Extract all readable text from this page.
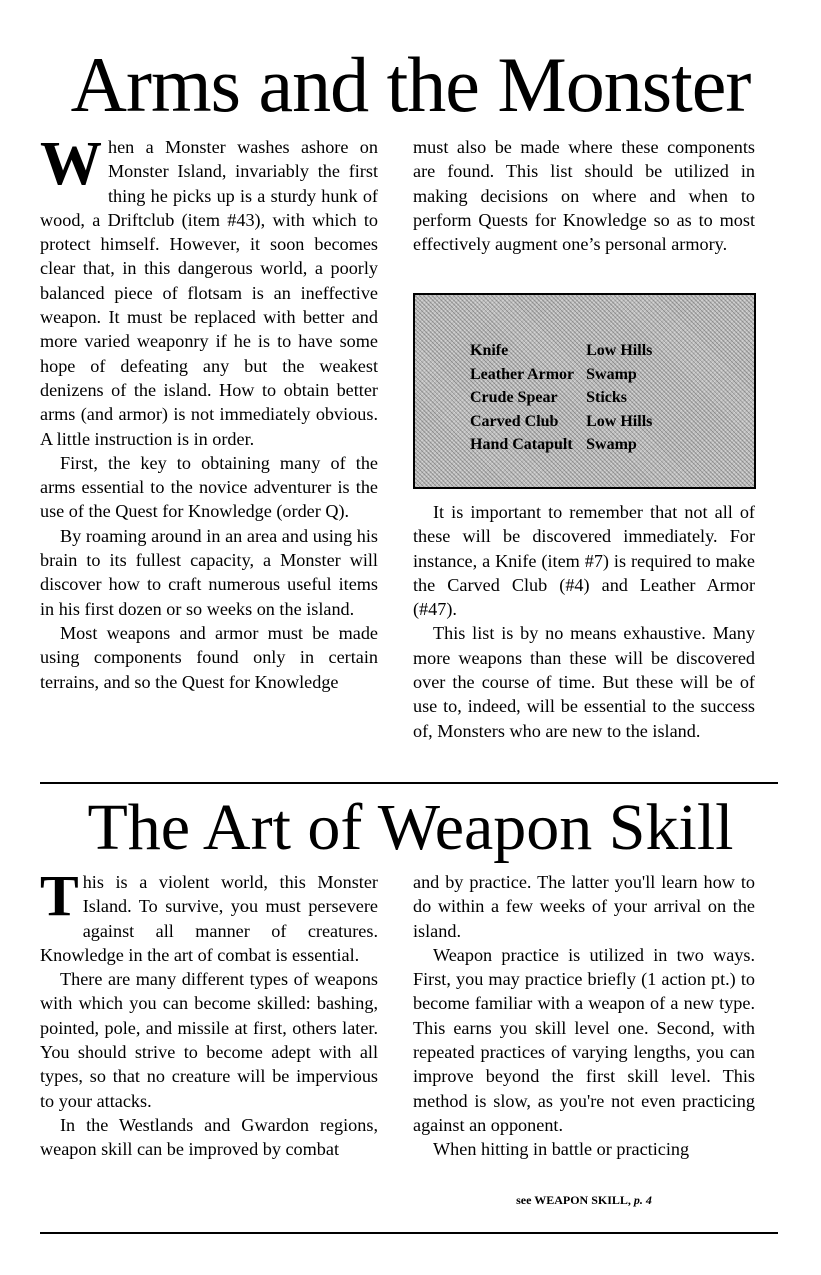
Arms and the Monster

When a Monster washes ashore on Monster Island, invariably the first thing he picks up is a sturdy hunk of wood, a Driftclub (item #43), with which to protect himself. However, it soon becomes clear that, in this dangerous world, a poorly balanced piece of flotsam is an ineffective weapon. It must be replaced with better and more varied weaponry if he is to have some hope of defeating any but the weakest denizens of the island. How to obtain better arms (and armor) is not immediately obvious. A little instruction is in order.

First, the key to obtaining many of the arms essential to the novice adventurer is the use of the Quest for Knowledge (order Q).

By roaming around in an area and using his brain to its fullest capacity, a Monster will discover how to craft numerous useful items in his first dozen or so weeks on the island.

Most weapons and armor must be made using components found only in certain terrains, and so the Quest for Knowledge

must also be made where these components are found. This list should be utilized in making decisions on where and when to perform Quests for Knowledge so as to most effectively augment one’s personal armory.

Knife	Low Hills
Leather Armor	Swamp
Crude Spear	Sticks
Carved Club	Low Hills
Hand Catapult	Swamp

It is important to remember that not all of these will be discovered immediately. For instance, a Knife (item #7) is required to make the Carved Club (#4) and Leather Armor (#47).

This list is by no means exhaustive. Many more weapons than these will be discovered over the course of time. But these will be of use to, indeed, will be essential to the success of, Monsters who are new to the island.

The Art of Weapon Skill

This is a violent world, this Monster Island. To survive, you must persevere against all manner of creatures. Knowledge in the art of combat is essential.

There are many different types of weapons with which you can become skilled: bashing, pointed, pole, and missile at first, others later. You should strive to become adept with all types, so that no creature will be impervious to your attacks.

In the Westlands and Gwardon regions, weapon skill can be improved by combat

and by practice. The latter you'll learn how to do within a few weeks of your arrival on the island.

Weapon practice is utilized in two ways. First, you may practice briefly (1 action pt.) to become familiar with a weapon of a new type. This earns you skill level one. Second, with repeated practices of varying lengths, you can improve beyond the first skill level. This method is slow, as you're not even practicing against an opponent.

When hitting in battle or practicing

see WEAPON SKILL, p. 4
